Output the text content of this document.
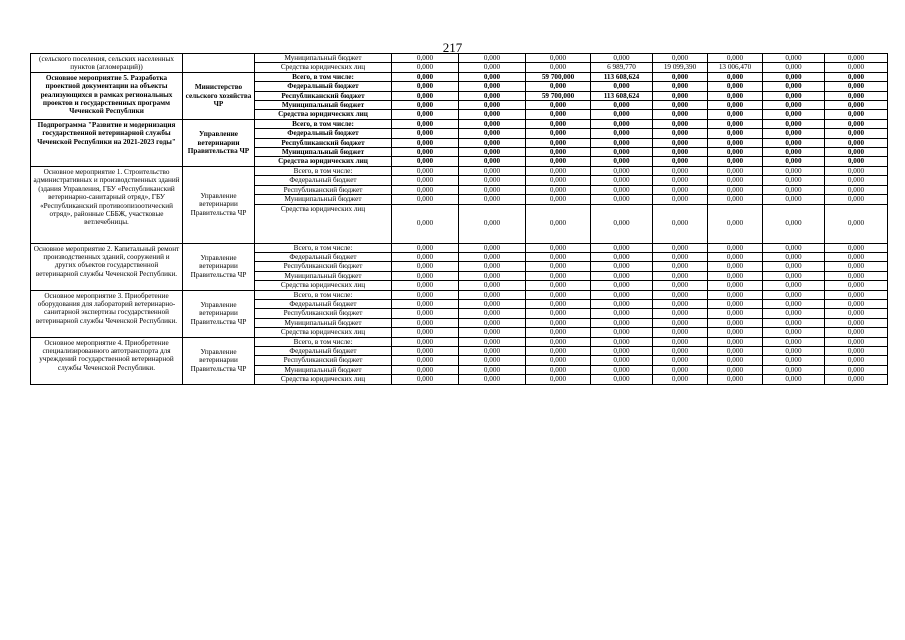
217
(сельского поселения, сельских населенных пунктов (агломераций))		Муниципальный бюджет	0,000	0,000	0,000	0,000	0,000	0,000	0,000	0,000
		Средства юридических лиц	0,000	0,000	0,000	6 989,770	19 099,390	13 006,470	0,000	0,000
Основное мероприятие 5. Разработка проектной документации на объекты реализующихся в рамках региональных проектов и государственных программ Чеченской Республики	Министерство сельского хозяйства ЧР	Всего, в том числе:	0,000	0,000	59 700,000	113 608,624	0,000	0,000	0,000	0,000
		Федеральный бюджет	0,000	0,000	0,000	0,000	0,000	0,000	0,000	0,000
		Республиканский бюджет	0,000	0,000	59 700,000	113 608,624	0,000	0,000	0,000	0,000
		Муниципальный бюджет	0,000	0,000	0,000	0,000	0,000	0,000	0,000	0,000
		Средства юридических лиц	0,000	0,000	0,000	0,000	0,000	0,000	0,000	0,000
Подпрограмма "Развитие и модернизация государственной ветеринарной службы Чеченской Республики на 2021-2023 годы"	Управление ветеринарии Правительства ЧР	Всего, в том числе:	0,000	0,000	0,000	0,000	0,000	0,000	0,000	0,000
		Федеральный бюджет	0,000	0,000	0,000	0,000	0,000	0,000	0,000	0,000
		Республиканский бюджет	0,000	0,000	0,000	0,000	0,000	0,000	0,000	0,000
		Муниципальный бюджет	0,000	0,000	0,000	0,000	0,000	0,000	0,000	0,000
		Средства юридических лиц	0,000	0,000	0,000	0,000	0,000	0,000	0,000	0,000
Основное мероприятие 1. Строительство административных и производственных зданий (здания Управления, ГБУ «Республиканский ветеринарно-санитарный отряд», ГБУ «Республиканский противоэпизоотический отряд», районные СББЖ, участковые ветлечебницы.	Управление ветеринарии Правительства ЧР	Всего, в том числе:	0,000	0,000	0,000	0,000	0,000	0,000	0,000	0,000
		Федеральный бюджет	0,000	0,000	0,000	0,000	0,000	0,000	0,000	0,000
		Республиканский бюджет	0,000	0,000	0,000	0,000	0,000	0,000	0,000	0,000
		Муниципальный бюджет	0,000	0,000	0,000	0,000	0,000	0,000	0,000	0,000
		Средства юридических лиц	0,000	0,000	0,000	0,000	0,000	0,000	0,000	0,000
Основное мероприятие 2. Капитальный ремонт производственных зданий, сооружений и других объектов государственной ветеринарной службы Чеченской Республики.	Управление ветеринарии Правительства ЧР	Всего, в том числе:	0,000	0,000	0,000	0,000	0,000	0,000	0,000	0,000
		Федеральный бюджет	0,000	0,000	0,000	0,000	0,000	0,000	0,000	0,000
		Республиканский бюджет	0,000	0,000	0,000	0,000	0,000	0,000	0,000	0,000
		Муниципальный бюджет	0,000	0,000	0,000	0,000	0,000	0,000	0,000	0,000
		Средства юридических лиц	0,000	0,000	0,000	0,000	0,000	0,000	0,000	0,000
Основное мероприятие 3. Приобретение оборудования для лабораторий ветеринарно-санитарной экспертизы государственной ветеринарной службы Чеченской Республики.	Управление ветеринарии Правительства ЧР	Всего, в том числе:	0,000	0,000	0,000	0,000	0,000	0,000	0,000	0,000
		Федеральный бюджет	0,000	0,000	0,000	0,000	0,000	0,000	0,000	0,000
		Республиканский бюджет	0,000	0,000	0,000	0,000	0,000	0,000	0,000	0,000
		Муниципальный бюджет	0,000	0,000	0,000	0,000	0,000	0,000	0,000	0,000
		Средства юридических лиц	0,000	0,000	0,000	0,000	0,000	0,000	0,000	0,000
Основное мероприятие 4. Приобретение специализированного автотранспорта для учреждений государственной ветеринарной службы Чеченской Республики.	Управление ветеринарии Правительства ЧР	Всего, в том числе:	0,000	0,000	0,000	0,000	0,000	0,000	0,000	0,000
		Федеральный бюджет	0,000	0,000	0,000	0,000	0,000	0,000	0,000	0,000
		Республиканский бюджет	0,000	0,000	0,000	0,000	0,000	0,000	0,000	0,000
		Муниципальный бюджет	0,000	0,000	0,000	0,000	0,000	0,000	0,000	0,000
		Средства юридических лиц	0,000	0,000	0,000	0,000	0,000	0,000	0,000	0,000
